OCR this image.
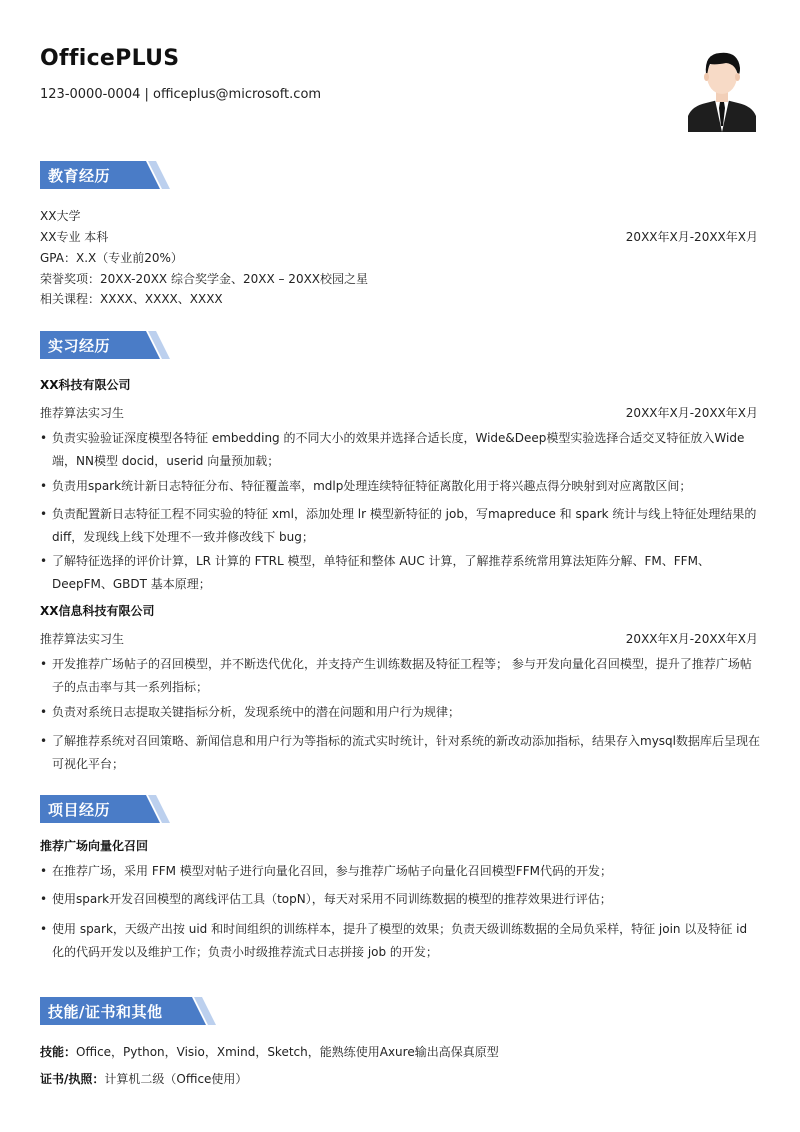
OfficePLUS
123-0000-0004 | officeplus@microsoft.com
教育经历
XX大学
XX专业 本科	20XX年X月-20XX年X月
GPA：X.X（专业前20%）
荣誉奖项：20XX-20XX 综合奖学金、20XX – 20XX校园之星
相关课程：XXXX、XXXX、XXXX
实习经历
XX科技有限公司
推荐算法实习生	20XX年X月-20XX年X月
• 负责实验验证深度模型各特征 embedding 的不同大小的效果并选择合适长度，Wide&Deep模型实验选择合适交叉特征放入Wide端，NN模型 docid，userid 向量预加载；
• 负责用spark统计新日志特征分布、特征覆盖率，mdlp处理连续特征特征离散化用于将兴趣点得分映射到对应离散区间；
• 负责配置新日志特征工程不同实验的特征 xml，添加处理 lr 模型新特征的 job，写mapreduce 和 spark 统计与线上特征处理结果的diff，发现线上线下处理不一致并修改线下 bug；
• 了解特征选择的评价计算，LR 计算的 FTRL 模型，单特征和整体 AUC 计算，了解推荐系统常用算法矩阵分解、FM、FFM、DeepFM、GBDT 基本原理；
XX信息科技有限公司
推荐算法实习生	20XX年X月-20XX年X月
• 开发推荐广场帖子的召回模型，并不断迭代优化，并支持产生训练数据及特征工程等； 参与开发向量化召回模型，提升了推荐广场帖子的点击率与其一系列指标；
• 负责对系统日志提取关键指标分析，发现系统中的潜在问题和用户行为规律；
• 了解推荐系统对召回策略、新闻信息和用户行为等指标的流式实时统计，针对系统的新改动添加指标，结果存入mysql数据库后呈现在可视化平台；
项目经历
推荐广场向量化召回
• 在推荐广场，采用 FFM 模型对帖子进行向量化召回，参与推荐广场帖子向量化召回模型FFM代码的开发；
• 使用spark开发召回模型的离线评估工具（topN），每天对采用不同训练数据的模型的推荐效果进行评估；
• 使用 spark，天级产出按 uid 和时间组织的训练样本，提升了模型的效果；负责天级训练数据的全局负采样，特征 join 以及特征 id 化的代码开发以及维护工作；负责小时级推荐流式日志拼接 job 的开发；
技能/证书和其他
技能：Office，Python，Visio，Xmind，Sketch，能熟练使用Axure输出高保真原型
证书/执照：计算机二级（Office使用）
